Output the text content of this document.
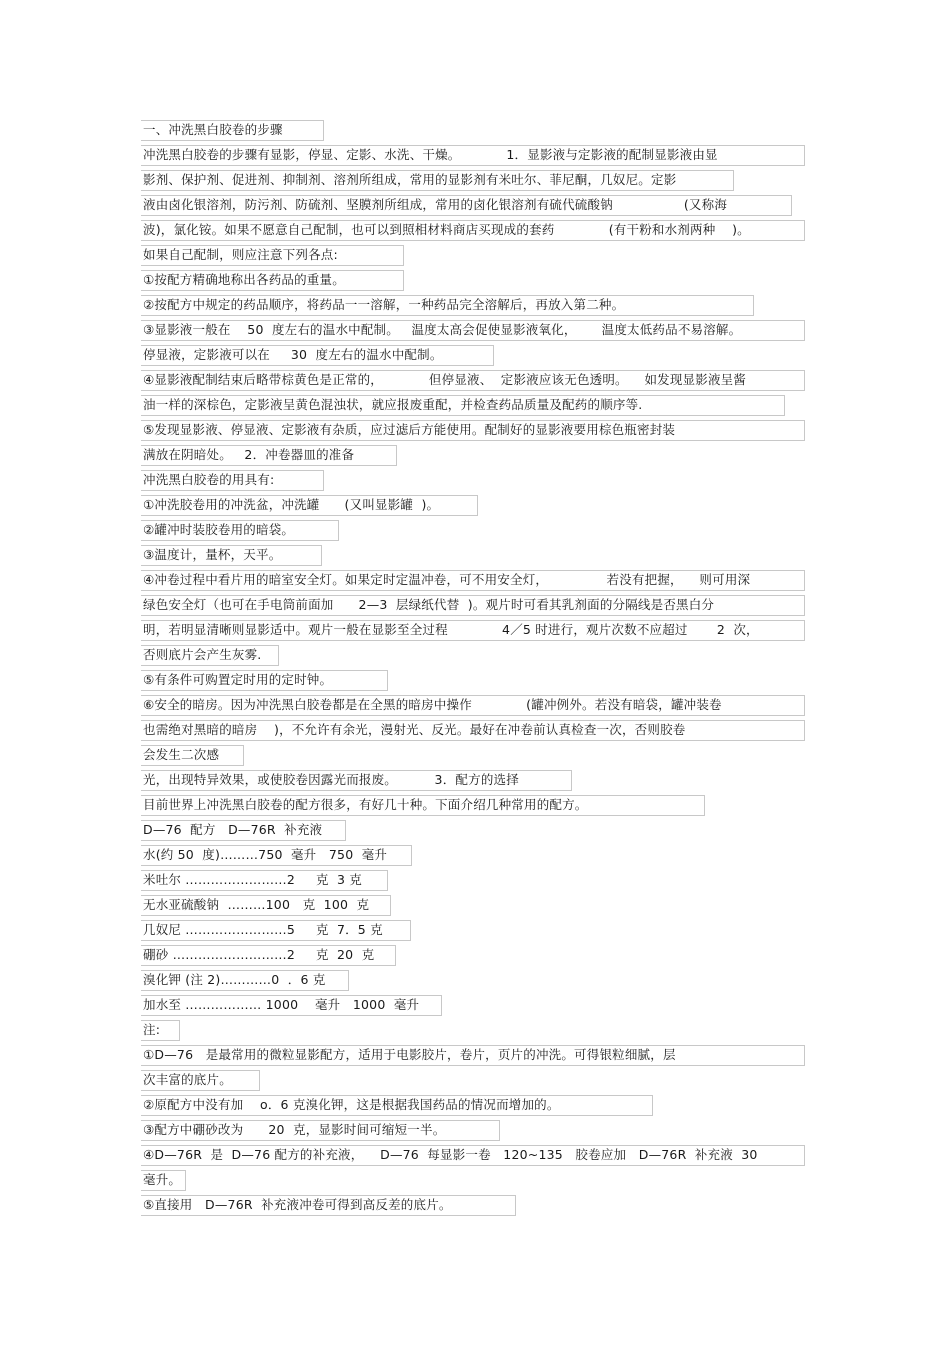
一、冲洗黑白胶卷的步骤
冲洗黑白胶卷的步骤有显影，停显、定影、水洗、干燥。           1．显影液与定影液的配制显影液由显
影剂、保护剂、促进剂、抑制剂、溶剂所组成，常用的显影剂有米吐尔、菲尼酮，几奴尼。定影
液由卤化银溶剂，防污剂、防硫剂、坚膜剂所组成，常用的卤化银溶剂有硫代硫酸钠                 (又称海
波)，氯化铵。如果不愿意自己配制，也可以到照相材料商店买现成的套药             (有干粉和水剂两种    )。
如果自己配制，则应注意下列各点:
①按配方精确地称出各药品的重量。
②按配方中规定的药品顺序，将药品一一溶解，一种药品完全溶解后，再放入第二种。
③显影液一般在    50  度左右的温水中配制。   温度太高会促使显影液氧化，      温度太低药品不易溶解。
停显液，定影液可以在     30  度左右的温水中配制。
④显影液配制结束后略带棕黄色是正常的，           但停显液、  定影液应该无色透明。    如发现显影液呈酱
油一样的深棕色，定影液呈黄色混浊状，就应报废重配，并检查药品质量及配药的顺序等.
⑤发现显影液、停显液、定影液有杂质，应过滤后方能使用。配制好的显影液要用棕色瓶密封装
满放在阴暗处。   2．冲卷器皿的准备
冲洗黑白胶卷的用具有:
①冲洗胶卷用的冲洗盆，冲洗罐      (又叫显影罐  )。
②罐冲时装胶卷用的暗袋。
③温度计，量杯，天平。
④冲卷过程中看片用的暗室安全灯。如果定时定温冲卷，可不用安全灯，              若没有把握，    则可用深
绿色安全灯（也可在手电筒前面加      2—3  层绿纸代替  )。观片时可看其乳剂面的分隔线是否黑白分
明，若明显清晰则显影适中。观片一般在显影至全过程             4／5 时进行，观片次数不应超过       2  次，
否则底片会产生灰雾.
⑤有条件可购置定时用的定时钟。
⑥安全的暗房。因为冲洗黑白胶卷都是在全黑的暗房中操作             (罐冲例外。若没有暗袋，罐冲装卷
也需绝对黑暗的暗房    )，不允许有余光，漫射光、反光。最好在冲卷前认真检查一次，否则胶卷
会发生二次感
光，出现特异效果，或使胶卷因露光而报废。         3．配方的选择
目前世界上冲洗黑白胶卷的配方很多，有好几十种。下面介绍几种常用的配方。
D—76  配方   D—76R  补充液
水(约 50  度)………750  毫升   750  毫升
米吐尔 ……………………2     克  3 克
无水亚硫酸钠  ………100   克  100  克
几奴尼 ……………………5     克  7．5 克
硼砂 ………………………2     克  20  克
溴化钾 (注 2)…………0  ．6 克
加水至 ……………… 1000    毫升   1000  毫升
注:
①D—76   是最常用的微粒显影配方，适用于电影胶片，卷片，页片的冲洗。可得银粒细腻，层
次丰富的底片。
②原配方中没有加    o．6 克溴化钾，这是根据我国药品的情况而增加的。
③配方中硼砂改为      20  克，显影时间可缩短一半。
④D—76R  是  D—76 配方的补充液，    D—76  每显影一卷   120~135   胶卷应加   D—76R  补充液  30
毫升。
⑤直接用   D—76R  补充液冲卷可得到高反差的底片。
